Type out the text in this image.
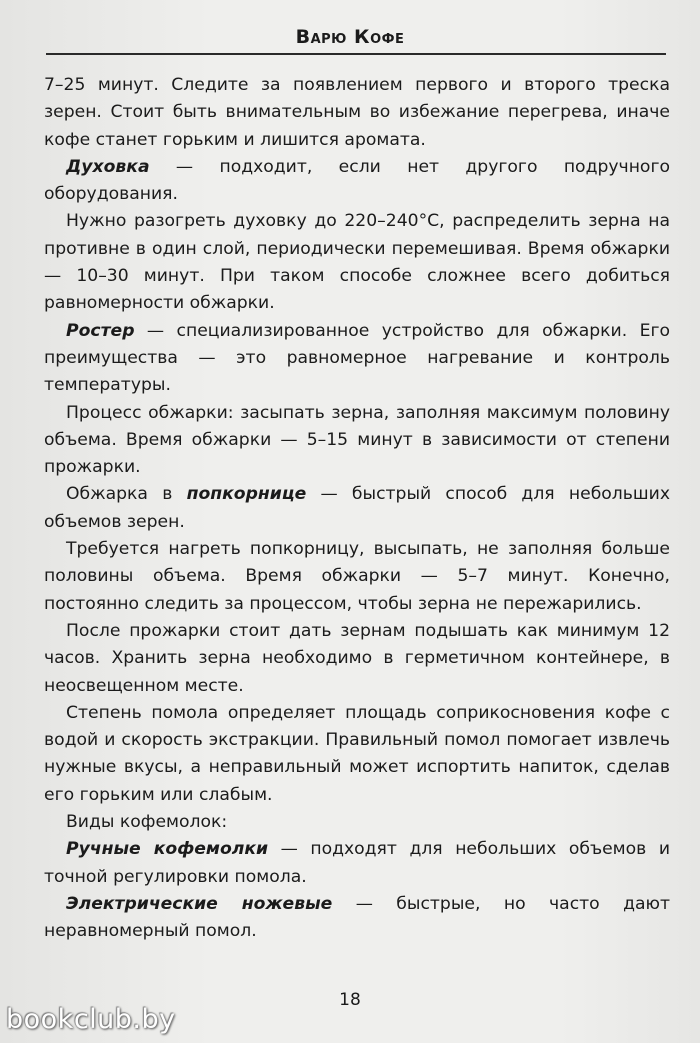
Варю Кофе

7–25 минут. Следите за появлением первого и второго треска зерен. Стоит быть внимательным во избежание перегрева, иначе кофе станет горьким и лишится аромата.

Духовка — подходит, если нет другого подручного оборудования.

Нужно разогреть духовку до 220–240°С, распределить зерна на противне в один слой, периодически перемешивая. Время обжарки — 10–30 минут. При таком способе сложнее всего добиться равномерности обжарки.

Ростер — специализированное устройство для обжарки. Его преимущества — это равномерное нагревание и контроль температуры.

Процесс обжарки: засыпать зерна, заполняя максимум половину объема. Время обжарки — 5–15 минут в зависимости от степени прожарки.

Обжарка в попкорнице — быстрый способ для небольших объемов зерен.

Требуется нагреть попкорницу, высыпать, не заполняя больше половины объема. Время обжарки — 5–7 минут. Конечно, постоянно следить за процессом, чтобы зерна не пережарились.

После прожарки стоит дать зернам подышать как минимум 12 часов. Хранить зерна необходимо в герметичном контейнере, в неосвещенном месте.

Степень помола определяет площадь соприкосновения кофе с водой и скорость экстракции. Правильный помол помогает извлечь нужные вкусы, а неправильный может испортить напиток, сделав его горьким или слабым.

Виды кофемолок:

Ручные кофемолки — подходят для небольших объемов и точной регулировки помола.

Электрические ножевые — быстрые, но часто дают неравномерный помол.

18
bookclub.by
